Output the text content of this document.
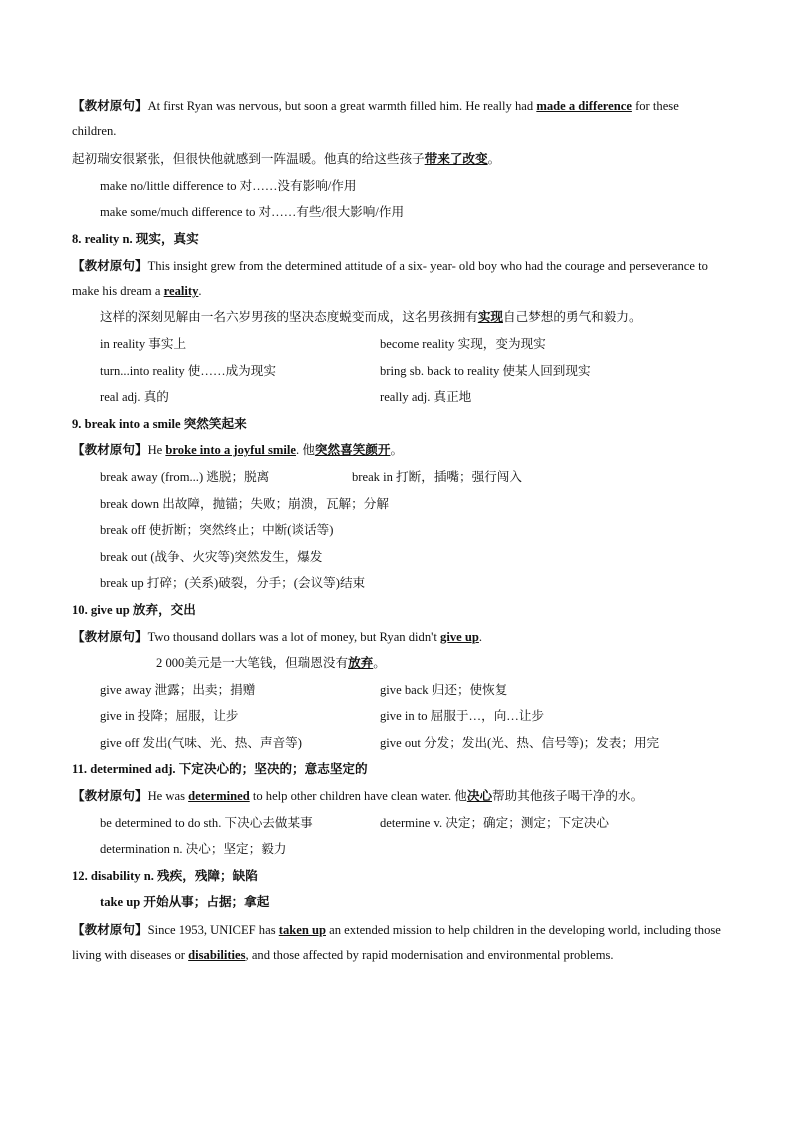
【教材原句】At first Ryan was nervous, but soon a great warmth filled him. He really had made a difference for these children.
起初瑞安很紧张，但很快他就感到一阵温暖。他真的给这些孩子带来了改变。
make no/little difference to 对……没有影响/作用
make some/much difference to 对……有些/很大影响/作用
8. reality n. 现实，真实
【教材原句】This insight grew from the determined attitude of a six- year- old boy who had the courage and perseverance to make his dream a reality.
这样的深刻见解由一名六岁男孩的坚决态度蜕变而成，这名男孩拥有实现自己梦想的勇气和毅力。
in reality 事实上	become reality 实现，变为现实
turn...into reality 使……成为现实	bring sb. back to reality 使某人回到现实
real adj. 真的	really adj. 真正地
9. break into a smile 突然笑起来
【教材原句】He broke into a joyful smile. 他突然喜笑颜开。
break away (from...) 逃脱；脱离	break in 打断，插嘴；强行闯入
break down 出故障，抛锚；失败；崩溃，瓦解；分解
break off 使折断；突然终止；中断(谈话等)
break out (战争、火灾等)突然发生，爆发
break up 打碎；(关系)破裂，分手；(会议等)结束
10. give up 放弃，交出
【教材原句】Two thousand dollars was a lot of money, but Ryan didn't give up.
2 000美元是一大笔钱，但瑞恩没有放弃。
give away 泄露；出卖；捐赠	give back 归还；使恢复
give in 投降；屈服，让步	give in to 屈服于…，向…让步
give off 发出(气味、光、热、声音等)	give out 分发；发出(光、热、信号等)；发表；用完
11. determined adj. 下定决心的；坚决的；意志坚定的
【教材原句】He was determined to help other children have clean water. 他决心帮助其他孩子喝干净的水。
be determined to do sth. 下决心去做某事	determine v. 决定；确定；测定；下定决心
determination n. 决心；坚定；毅力
12. disability n. 残疾，残障；缺陷
take up 开始从事；占据；拿起
【教材原句】Since 1953, UNICEF has taken up an extended mission to help children in the developing world, including those living with diseases or disabilities, and those affected by rapid modernisation and environmental problems.
